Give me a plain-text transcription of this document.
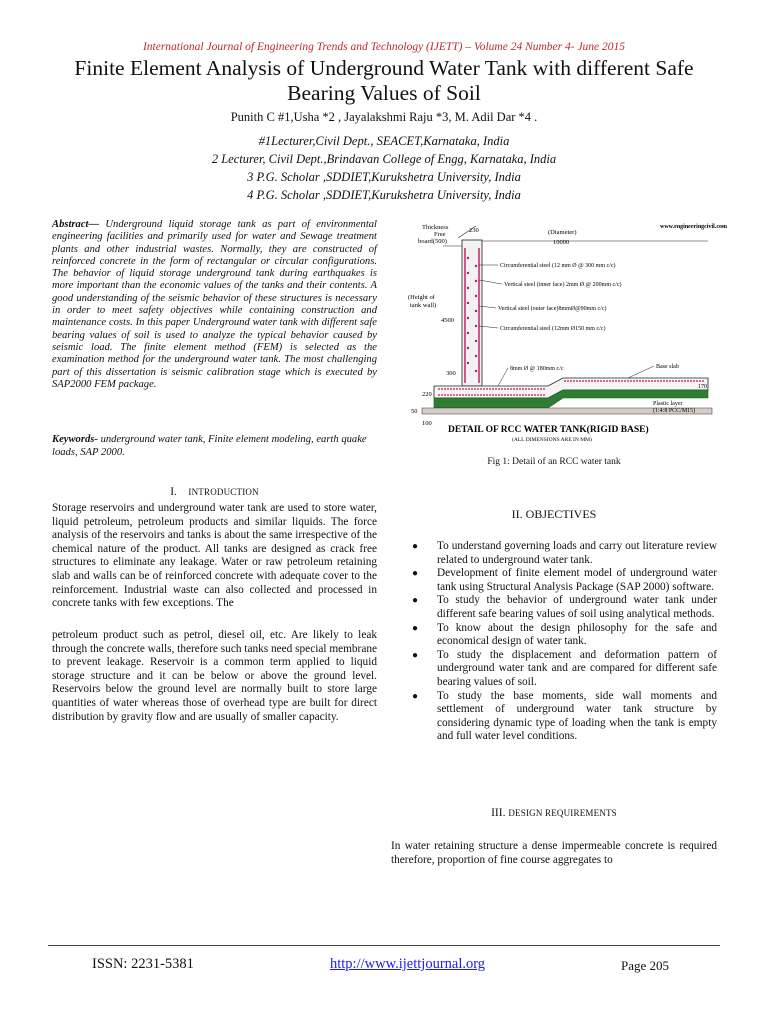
International Journal of Engineering Trends and Technology (IJETT) – Volume 24 Number 4- June 2015
Finite Element Analysis of Underground Water Tank with different Safe Bearing Values of Soil
Punith C #1,Usha *2 , Jayalakshmi Raju *3, M. Adil Dar *4 .
#1Lecturer,Civil Dept., SEACET,Karnataka, India
2 Lecturer, Civil Dept.,Brindavan College of Engg, Karnataka, India
3 P.G. Scholar ,SDDIET,Kurukshetra University, India
4 P.G. Scholar ,SDDIET,Kurukshetra University, India
Abstract— Underground liquid storage tank as part of environmental engineering facilities and primarily used for water and Sewage treatment plants and other industrial wastes. Normally, they are constructed of reinforced concrete in the form of rectangular or circular configurations. The behavior of liquid storage underground tank during earthquakes is more important than the economic values of the tanks and their contents. A good understanding of the seismic behavior of these structures is necessary in order to meet safety objectives while containing construction and maintenance costs. In this paper Underground water tank with different safe bearing values of soil is used to analyze the typical behavior caused by seismic load. The finite element method (FEM) is selected as the examination method for the underground water tank. The most challenging part of this dissertation is seismic calibration stage which is executed by SAP2000 FEM package.
Keywords- underground water tank, Finite element modeling, earth quake loads, SAP 2000.
I. INTRODUCTION
Storage reservoirs and underground water tank are used to store water, liquid petroleum, petroleum products and similar liquids. The force analysis of the reservoirs and tanks is about the same irrespective of the chemical nature of the product. All tanks are designed as crack free structures to eliminate any leakage. Water or raw petroleum retaining slab and walls can be of reinforced concrete with adequate cover to the reinforcement. Industrial waste can also collected and processed in concrete tanks with few exceptions. The
petroleum product such as petrol, diesel oil, etc. Are likely to leak through the concrete walls, therefore such tanks need special membrane to prevent leakage. Reservoir is a common term applied to liquid storage structure and it can be below or above the ground level. Reservoirs below the ground level are normally built to store large quantities of water whereas those of overhead type are built for direct distribution by gravity flow and are usually of smaller capacity.
www.engineeringcivil.com
Thickness
Free
board(500)
230	(Diameter)
10000
Circumferential steel (12 mm Ø @ 300 mm c/c)
Vertical steel (inner face) 2mm Ø @ 200mm c/c)
(Height of
tank wall)	Vertical steel (outer face)8mmØ@90mm c/c)
4500
Circumferential steel (12mm Ø150 mm c/c)
8mm Ø @ 180mm c/c	Base slab
300
220
50
100
170
Plastic layer
(1:4:8 PCC/M15)
DETAIL OF RCC WATER TANK(RIGID BASE)
(ALL DIMENSIONS ARE IN MM)
Fig 1: Detail of an RCC water tank
II. OBJECTIVES
● To understand governing loads and carry out literature review related to underground water tank.
● Development of finite element model of underground water tank using Structural Analysis Package (SAP 2000) software.
● To study the behavior of underground water tank under different safe bearing values of soil using analytical methods.
● To know about the design philosophy for the safe and economical design of water tank.
● To study the displacement and deformation pattern of underground water tank and are compared for different safe bearing values of soil.
● To study the base moments, side wall moments and settlement of underground water tank structure by considering dynamic type of loading when the tank is empty and full water level conditions.
III. DESIGN REQUIREMENTS
In water retaining structure a dense impermeable concrete is required therefore, proportion of fine course aggregates to
ISSN: 2231-5381	http://www.ijettjournal.org	Page 205
